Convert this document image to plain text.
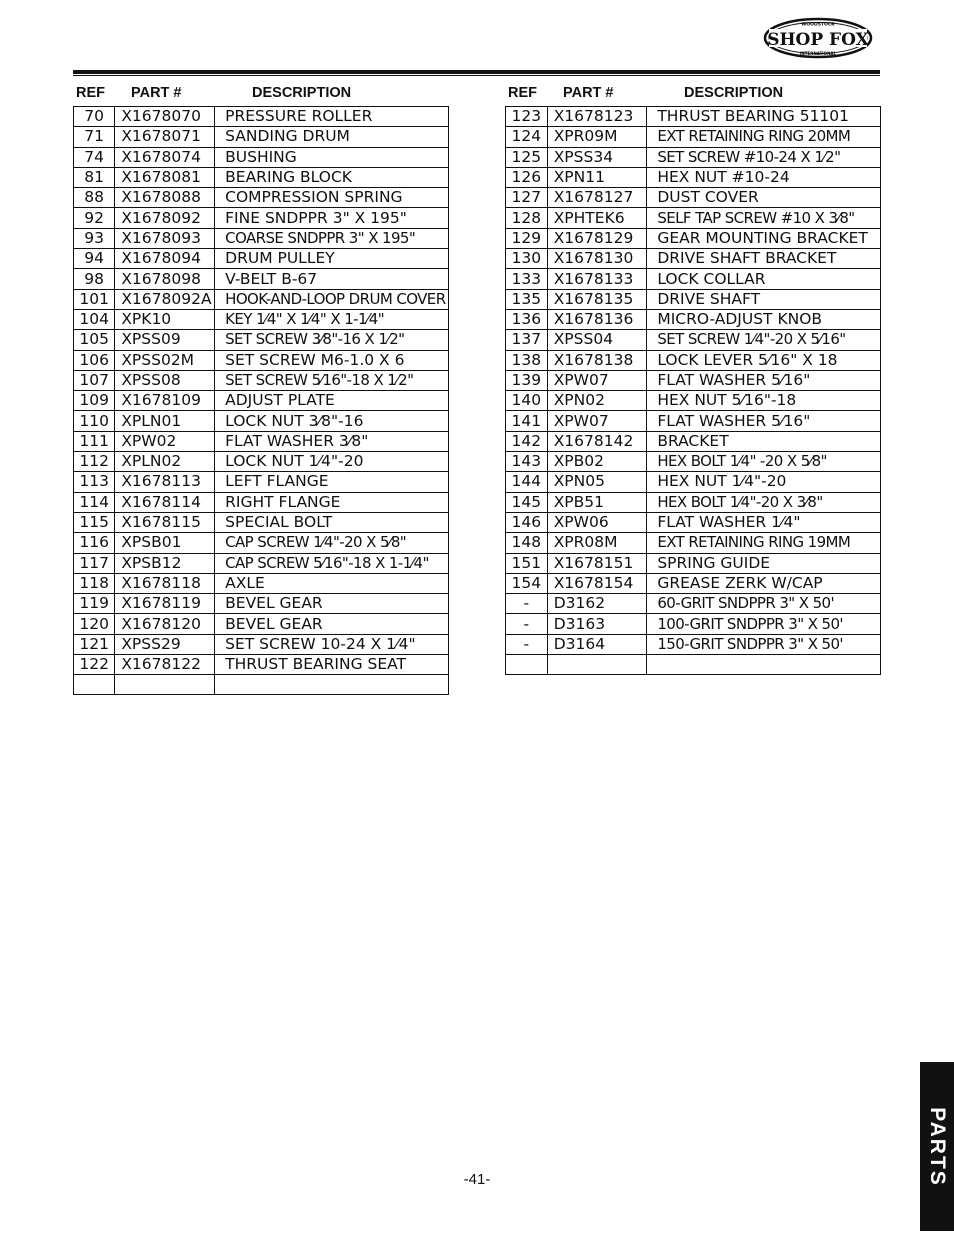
WOODSTOCK
SHOP FOX
INTERNATIONAL
REF PART #	DESCRIPTION	REF PART #	DESCRIPTION
70	X1678070	PRESSURE ROLLER
71	X1678071	SANDING DRUM
74	X1678074	BUSHING
81	X1678081	BEARING BLOCK
88	X1678088	COMPRESSION SPRING
92	X1678092	FINE SNDPPR 3" X 195"
93	X1678093	COARSE SNDPPR 3" X 195"
94	X1678094	DRUM PULLEY
98	X1678098	V-BELT B-67
101	X1678092A	HOOK-AND-LOOP DRUM COVER
104	XPK10	KEY 1⁄4" X 1⁄4" X 1-1⁄4"
105	XPSS09	SET SCREW 3⁄8"-16 X 1⁄2"
106	XPSS02M	SET SCREW M6-1.0 X 6
107	XPSS08	SET SCREW 5⁄16"-18 X 1⁄2"
109	X1678109	ADJUST PLATE
110	XPLN01	LOCK NUT 3⁄8"-16
111	XPW02	FLAT WASHER 3⁄8"
112	XPLN02	LOCK NUT 1⁄4"-20
113	X1678113	LEFT FLANGE
114	X1678114	RIGHT FLANGE
115	X1678115	SPECIAL BOLT
116	XPSB01	CAP SCREW 1⁄4"-20 X 5⁄8"
117	XPSB12	CAP SCREW 5⁄16"-18 X 1-1⁄4"
118	X1678118	AXLE
119	X1678119	BEVEL GEAR
120	X1678120	BEVEL GEAR
121	XPSS29	SET SCREW 10-24 X 1⁄4"
122	X1678122	THRUST BEARING SEAT

123	X1678123	THRUST BEARING 51101
124	XPR09M	EXT RETAINING RING 20MM
125	XPSS34	SET SCREW #10-24 X 1⁄2"
126	XPN11	HEX NUT #10-24
127	X1678127	DUST COVER
128	XPHTEK6	SELF TAP SCREW #10 X 3⁄8"
129	X1678129	GEAR MOUNTING BRACKET
130	X1678130	DRIVE SHAFT BRACKET
133	X1678133	LOCK COLLAR
135	X1678135	DRIVE SHAFT
136	X1678136	MICRO-ADJUST KNOB
137	XPSS04	SET SCREW 1⁄4"-20 X 5⁄16"
138	X1678138	LOCK LEVER 5⁄16" X 18
139	XPW07	FLAT WASHER 5⁄16"
140	XPN02	HEX NUT 5⁄16"-18
141	XPW07	FLAT WASHER 5⁄16"
142	X1678142	BRACKET
143	XPB02	HEX BOLT 1⁄4" -20 X 5⁄8"
144	XPN05	HEX NUT 1⁄4"-20
145	XPB51	HEX BOLT 1⁄4"-20 X 3⁄8"
146	XPW06	FLAT WASHER 1⁄4"
148	XPR08M	EXT RETAINING RING 19MM
151	X1678151	SPRING GUIDE
154	X1678154	GREASE ZERK W/CAP
-	D3162	60-GRIT SNDPPR 3" X 50'
-	D3163	100-GRIT SNDPPR 3" X 50'
-	D3164	150-GRIT SNDPPR 3" X 50'

PARTS
-41-
